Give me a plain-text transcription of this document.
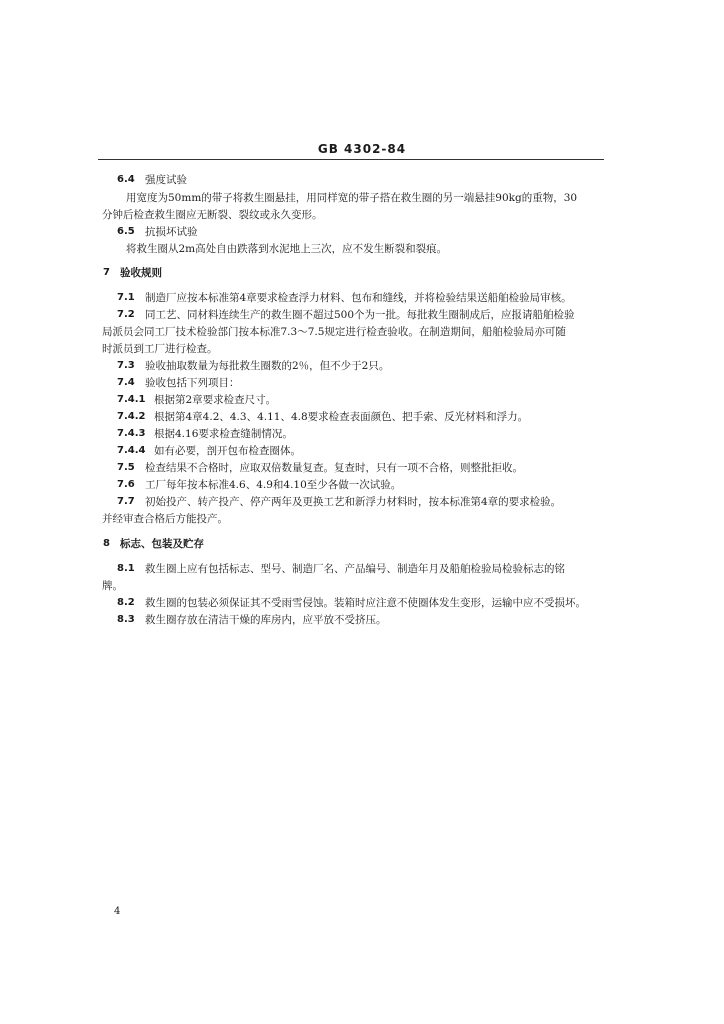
GB 4302-84
6.4 强度试验
用宽度为50mm的带子将救生圈悬挂，用同样宽的带子搭在救生圈的另一端悬挂90kg的重物，30
分钟后检查救生圈应无断裂、裂纹或永久变形。
6.5 抗损坏试验
将救生圈从2m高处自由跌落到水泥地上三次，应不发生断裂和裂痕。
7 验收规则
7.1 制造厂应按本标准第4章要求检查浮力材料、包布和缝线，并将检验结果送船舶检验局审核。
7.2 同工艺、同材料连续生产的救生圈不超过500个为一批。每批救生圈制成后，应报请船舶检验
局派员会同工厂技术检验部门按本标准7.3～7.5规定进行检查验收。在制造期间，船舶检验局亦可随
时派员到工厂进行检查。
7.3 验收抽取数量为每批救生圈数的2％，但不少于2只。
7.4 验收包括下列项目：
7.4.1 根据第2章要求检查尺寸。
7.4.2 根据第4章4.2、4.3、4.11、4.8要求检查表面颜色、把手索、反光材料和浮力。
7.4.3 根据4.16要求检查缝制情况。
7.4.4 如有必要，剖开包布检查圈体。
7.5 检查结果不合格时，应取双倍数量复查。复查时，只有一项不合格，则整批拒收。
7.6 工厂每年按本标准4.6、4.9和4.10至少各做一次试验。
7.7 初始投产、转产投产、停产两年及更换工艺和新浮力材料时，按本标准第4章的要求检验。
并经审查合格后方能投产。
8 标志、包装及贮存
8.1 救生圈上应有包括标志、型号、制造厂名、产品编号、制造年月及船舶检验局检验标志的铭
牌。
8.2 救生圈的包装必须保证其不受雨雪侵蚀。装箱时应注意不使圈体发生变形，运输中应不受损坏。
8.3 救生圈存放在清洁干燥的库房内，应平放不受挤压。
4
